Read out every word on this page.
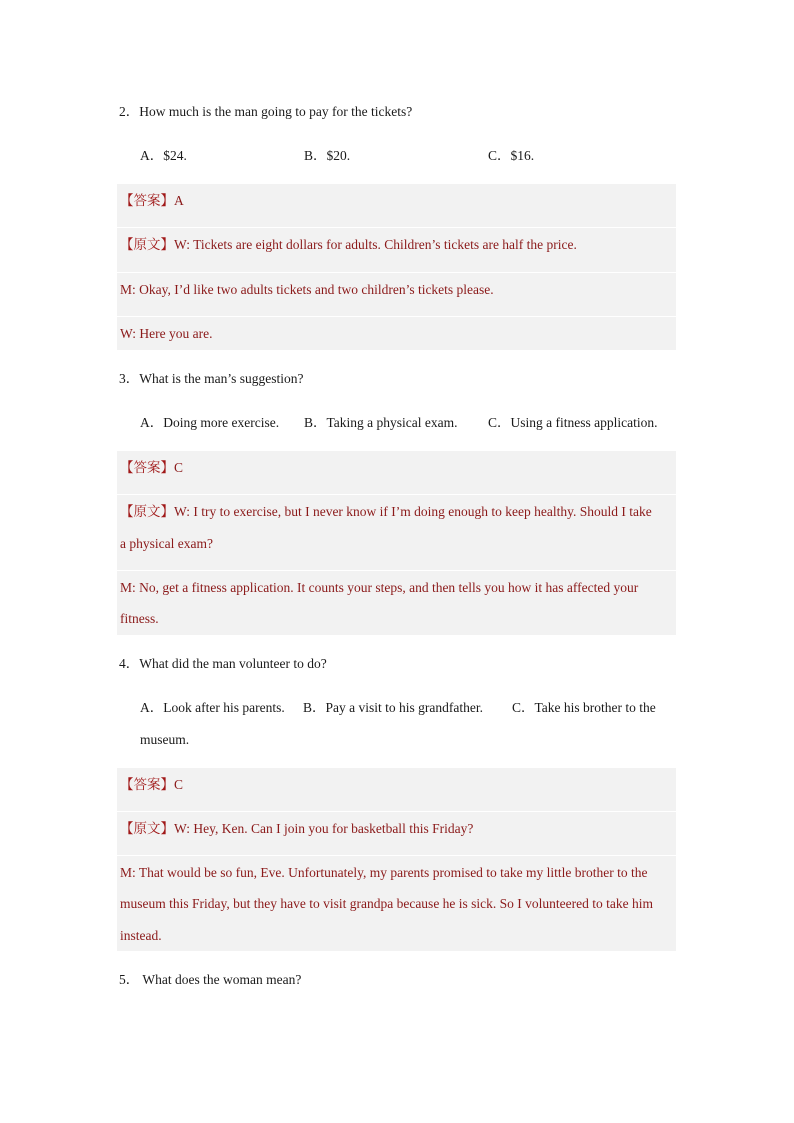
2．How much is the man going to pay for the tickets?
A．$24.	B．$20.	C．$16.
【答案】A
【原文】W: Tickets are eight dollars for adults. Children’s tickets are half the price.
M: Okay, I’d like two adults tickets and two children’s tickets please.
W: Here you are.
3．What is the man’s suggestion?
A．Doing more exercise. B．Taking a physical exam. C．Using a fitness application.
【答案】C
【原文】W: I try to exercise, but I never know if I’m doing enough to keep healthy. Should I take
a physical exam?
M: No, get a fitness application. It counts your steps, and then tells you how it has affected your
fitness.
4．What did the man volunteer to do?
A．Look after his parents. B．Pay a visit to his grandfather. C．Take his brother to the
museum.
【答案】C
【原文】W: Hey, Ken. Can I join you for basketball this Friday?
M: That would be so fun, Eve. Unfortunately, my parents promised to take my little brother to the
museum this Friday, but they have to visit grandpa because he is sick. So I volunteered to take him
instead.
5． What does the woman mean?
